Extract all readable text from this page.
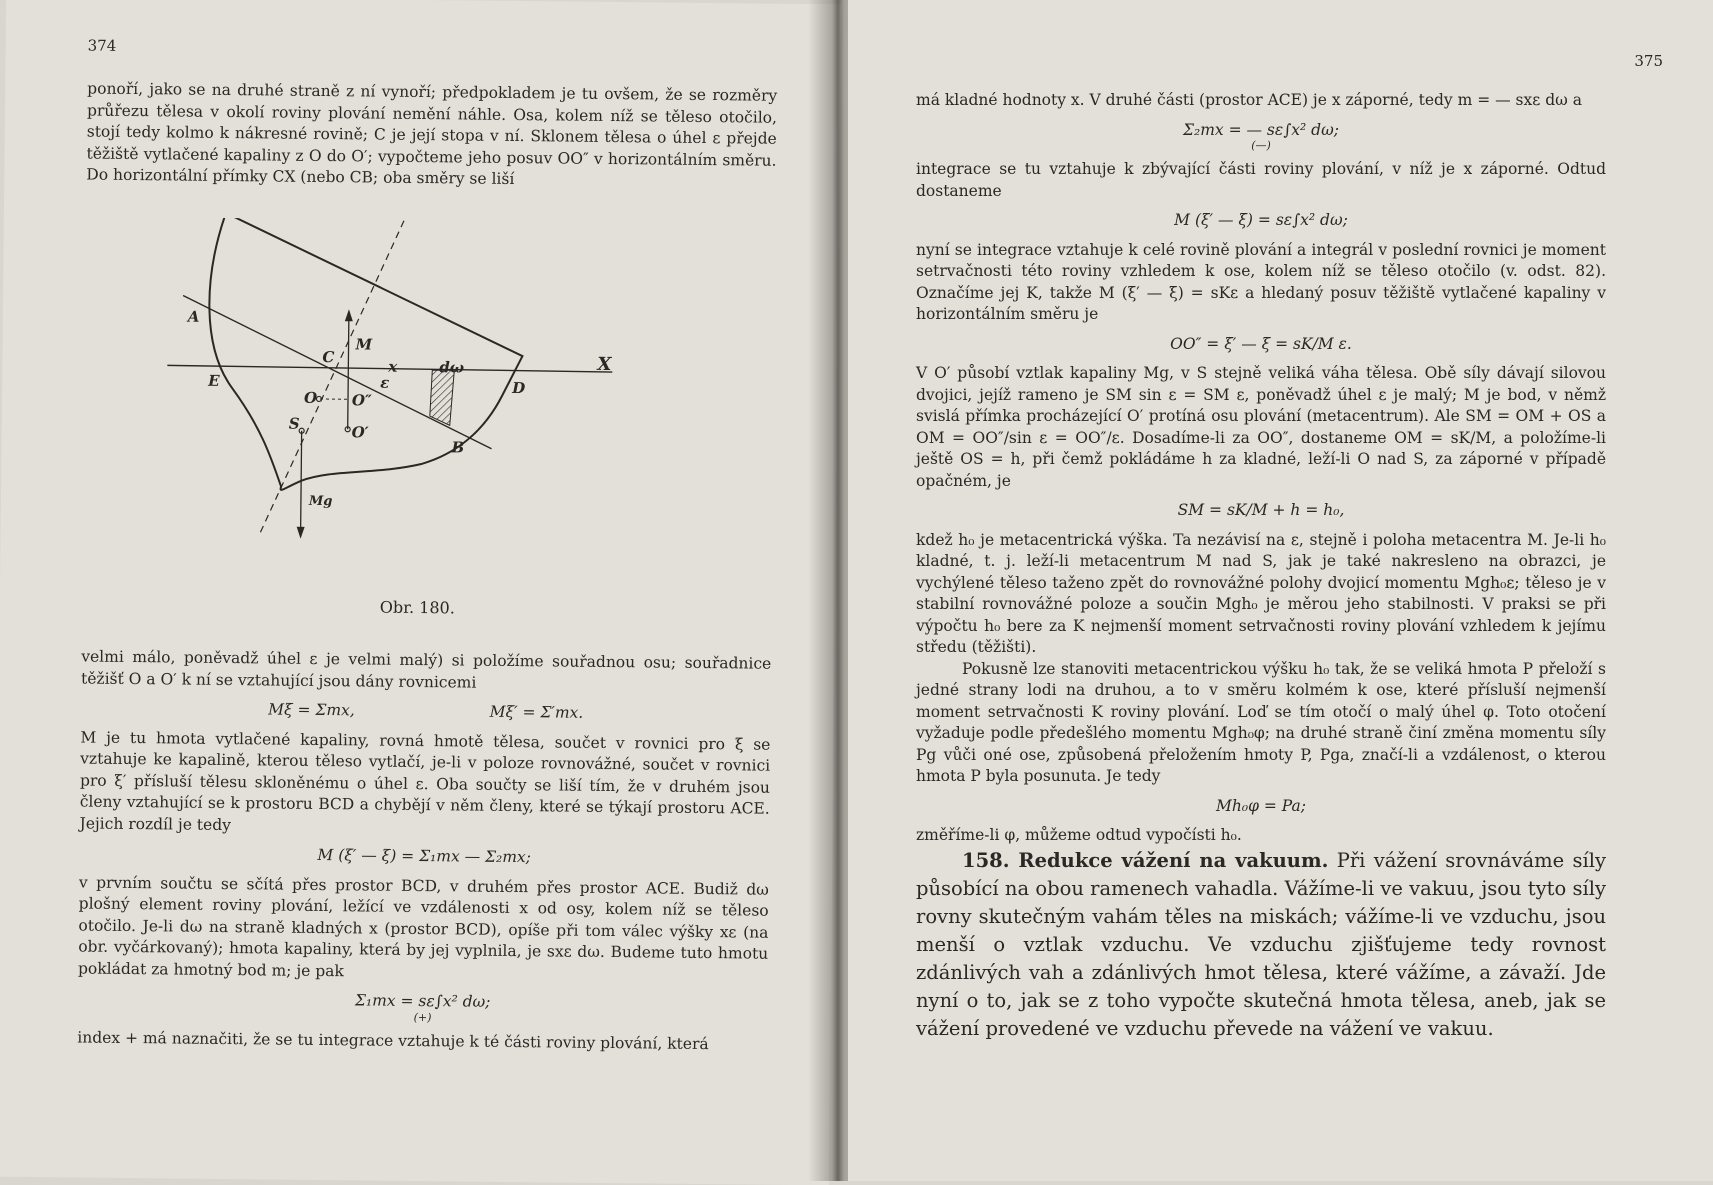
374

ponoří, jako se na druhé straně z ní vynoří; předpokladem je tu ovšem, že se rozměry průřezu tělesa v okolí roviny plování nemění náhle. Osa, kolem níž se těleso otočilo, stojí tedy kolmo k nákresné rovině; C je její stopa v ní. Sklonem tělesa o úhel ε přejde těžiště vytlačené kapaliny z O do O′; vypočteme jeho posuv OO″ v horizontálním směru. Do horizontální přímky CX (nebo CB; oba směry se liší

A
E
C
M
x	dω	X
D
ε
O O″
S	O′
B
Mg
Obr. 180.

velmi málo, poněvadž úhel ε je velmi malý) si položíme souřadnou osu; souřadnice těžišť O a O′ k ní se vztahující jsou dány rovnicemi

Mξ = Σmx,	Mξ′ = Σ′mx.

M je tu hmota vytlačené kapaliny, rovná hmotě tělesa, součet v rovnici pro ξ se vztahuje ke kapalině, kterou těleso vytlačí, je-li v poloze rovnovážné, součet v rovnici pro ξ′ přísluší tělesu skloněnému o úhel ε. Oba součty se liší tím, že v druhém jsou členy vztahující se k prostoru BCD a chybějí v něm členy, které se týkají prostoru ACE. Jejich rozdíl je tedy

M (ξ′ — ξ) = Σ₁mx — Σ₂mx;

v prvním součtu se sčítá přes prostor BCD, v druhém přes prostor ACE. Budiž dω plošný element roviny plování, ležící ve vzdálenosti x od osy, kolem níž se těleso otočilo. Je-li dω na straně kladných x (prostor BCD), opíše při tom válec výšky xε (na obr. vyčárkovaný); hmota kapaliny, která by jej vyplnila, je sxε dω. Budeme tuto hmotu pokládat za hmotný bod m; je pak

Σ₁mx = sε∫x² dω;
(+)

index + má naznačiti, že se tu integrace vztahuje k té části roviny plování, která

375

má kladné hodnoty x. V druhé části (prostor ACE) je x záporné, tedy m = — sxε dω a

Σ₂mx = — sε∫x² dω;
(—)

integrace se tu vztahuje k zbývající části roviny plování, v níž je x záporné. Odtud dostaneme

M (ξ′ — ξ) = sε∫x² dω;

nyní se integrace vztahuje k celé rovině plování a integrál v poslední rovnici je moment setrvačnosti této roviny vzhledem k ose, kolem níž se těleso otočilo (v. odst. 82). Označíme jej K, takže M (ξ′ — ξ) = sKε a hledaný posuv těžiště vytlačené kapaliny v horizontálním směru je

OO″ = ξ′ — ξ = sK/M ε.

V O′ působí vztlak kapaliny Mg, v S stejně veliká váha tělesa. Obě síly dávají silovou dvojici, jejíž rameno je SM sin ε = SM ε, poněvadž úhel ε je malý; M je bod, v němž svislá přímka procházející O′ protíná osu plování (metacentrum). Ale SM = OM + OS a OM = OO″/sin ε = OO″/ε. Dosadíme-li za OO″, dostaneme OM = sK/M, a položíme-li ještě OS = h, při čemž pokládáme h za kladné, leží-li O nad S, za záporné v případě opačném, je

SM = sK/M + h = h₀,

kdež h₀ je metacentrická výška. Ta nezávisí na ε, stejně i poloha metacentra M. Je-li h₀ kladné, t. j. leží-li metacentrum M nad S, jak je také nakresleno na obrazci, je vychýlené těleso taženo zpět do rovnovážné polohy dvojicí momentu Mgh₀ε; těleso je v stabilní rovnovážné poloze a součin Mgh₀ je měrou jeho stabilnosti. V praksi se při výpočtu h₀ bere za K nejmenší moment setrvačnosti roviny plování vzhledem k jejímu středu (těžišti).

Pokusně lze stanoviti metacentrickou výšku h₀ tak, že se veliká hmota P přeloží s jedné strany lodi na druhou, a to v směru kolmém k ose, které přísluší nejmenší moment setrvačnosti K roviny plování. Loď se tím otočí o malý úhel φ. Toto otočení vyžaduje podle předešlého momentu Mgh₀φ; na druhé straně činí změna momentu síly Pg vůči oné ose, způsobená přeložením hmoty P, Pga, značí-li a vzdálenost, o kterou hmota P byla posunuta. Je tedy

Mh₀φ = Pa;

změříme-li φ, můžeme odtud vypočísti h₀.

158. Redukce vážení na vakuum. Při vážení srovnáváme síly působící na obou ramenech vahadla. Vážíme-li ve vakuu, jsou tyto síly rovny skutečným vahám těles na miskách; vážíme-li ve vzduchu, jsou menší o vztlak vzduchu. Ve vzduchu zjišťujeme tedy rovnost zdánlivých vah a zdánlivých hmot tělesa, které vážíme, a závaží. Jde nyní o to, jak se z toho vypočte skutečná hmota tělesa, aneb, jak se vážení provedené ve vzduchu převede na vážení ve vakuu.
